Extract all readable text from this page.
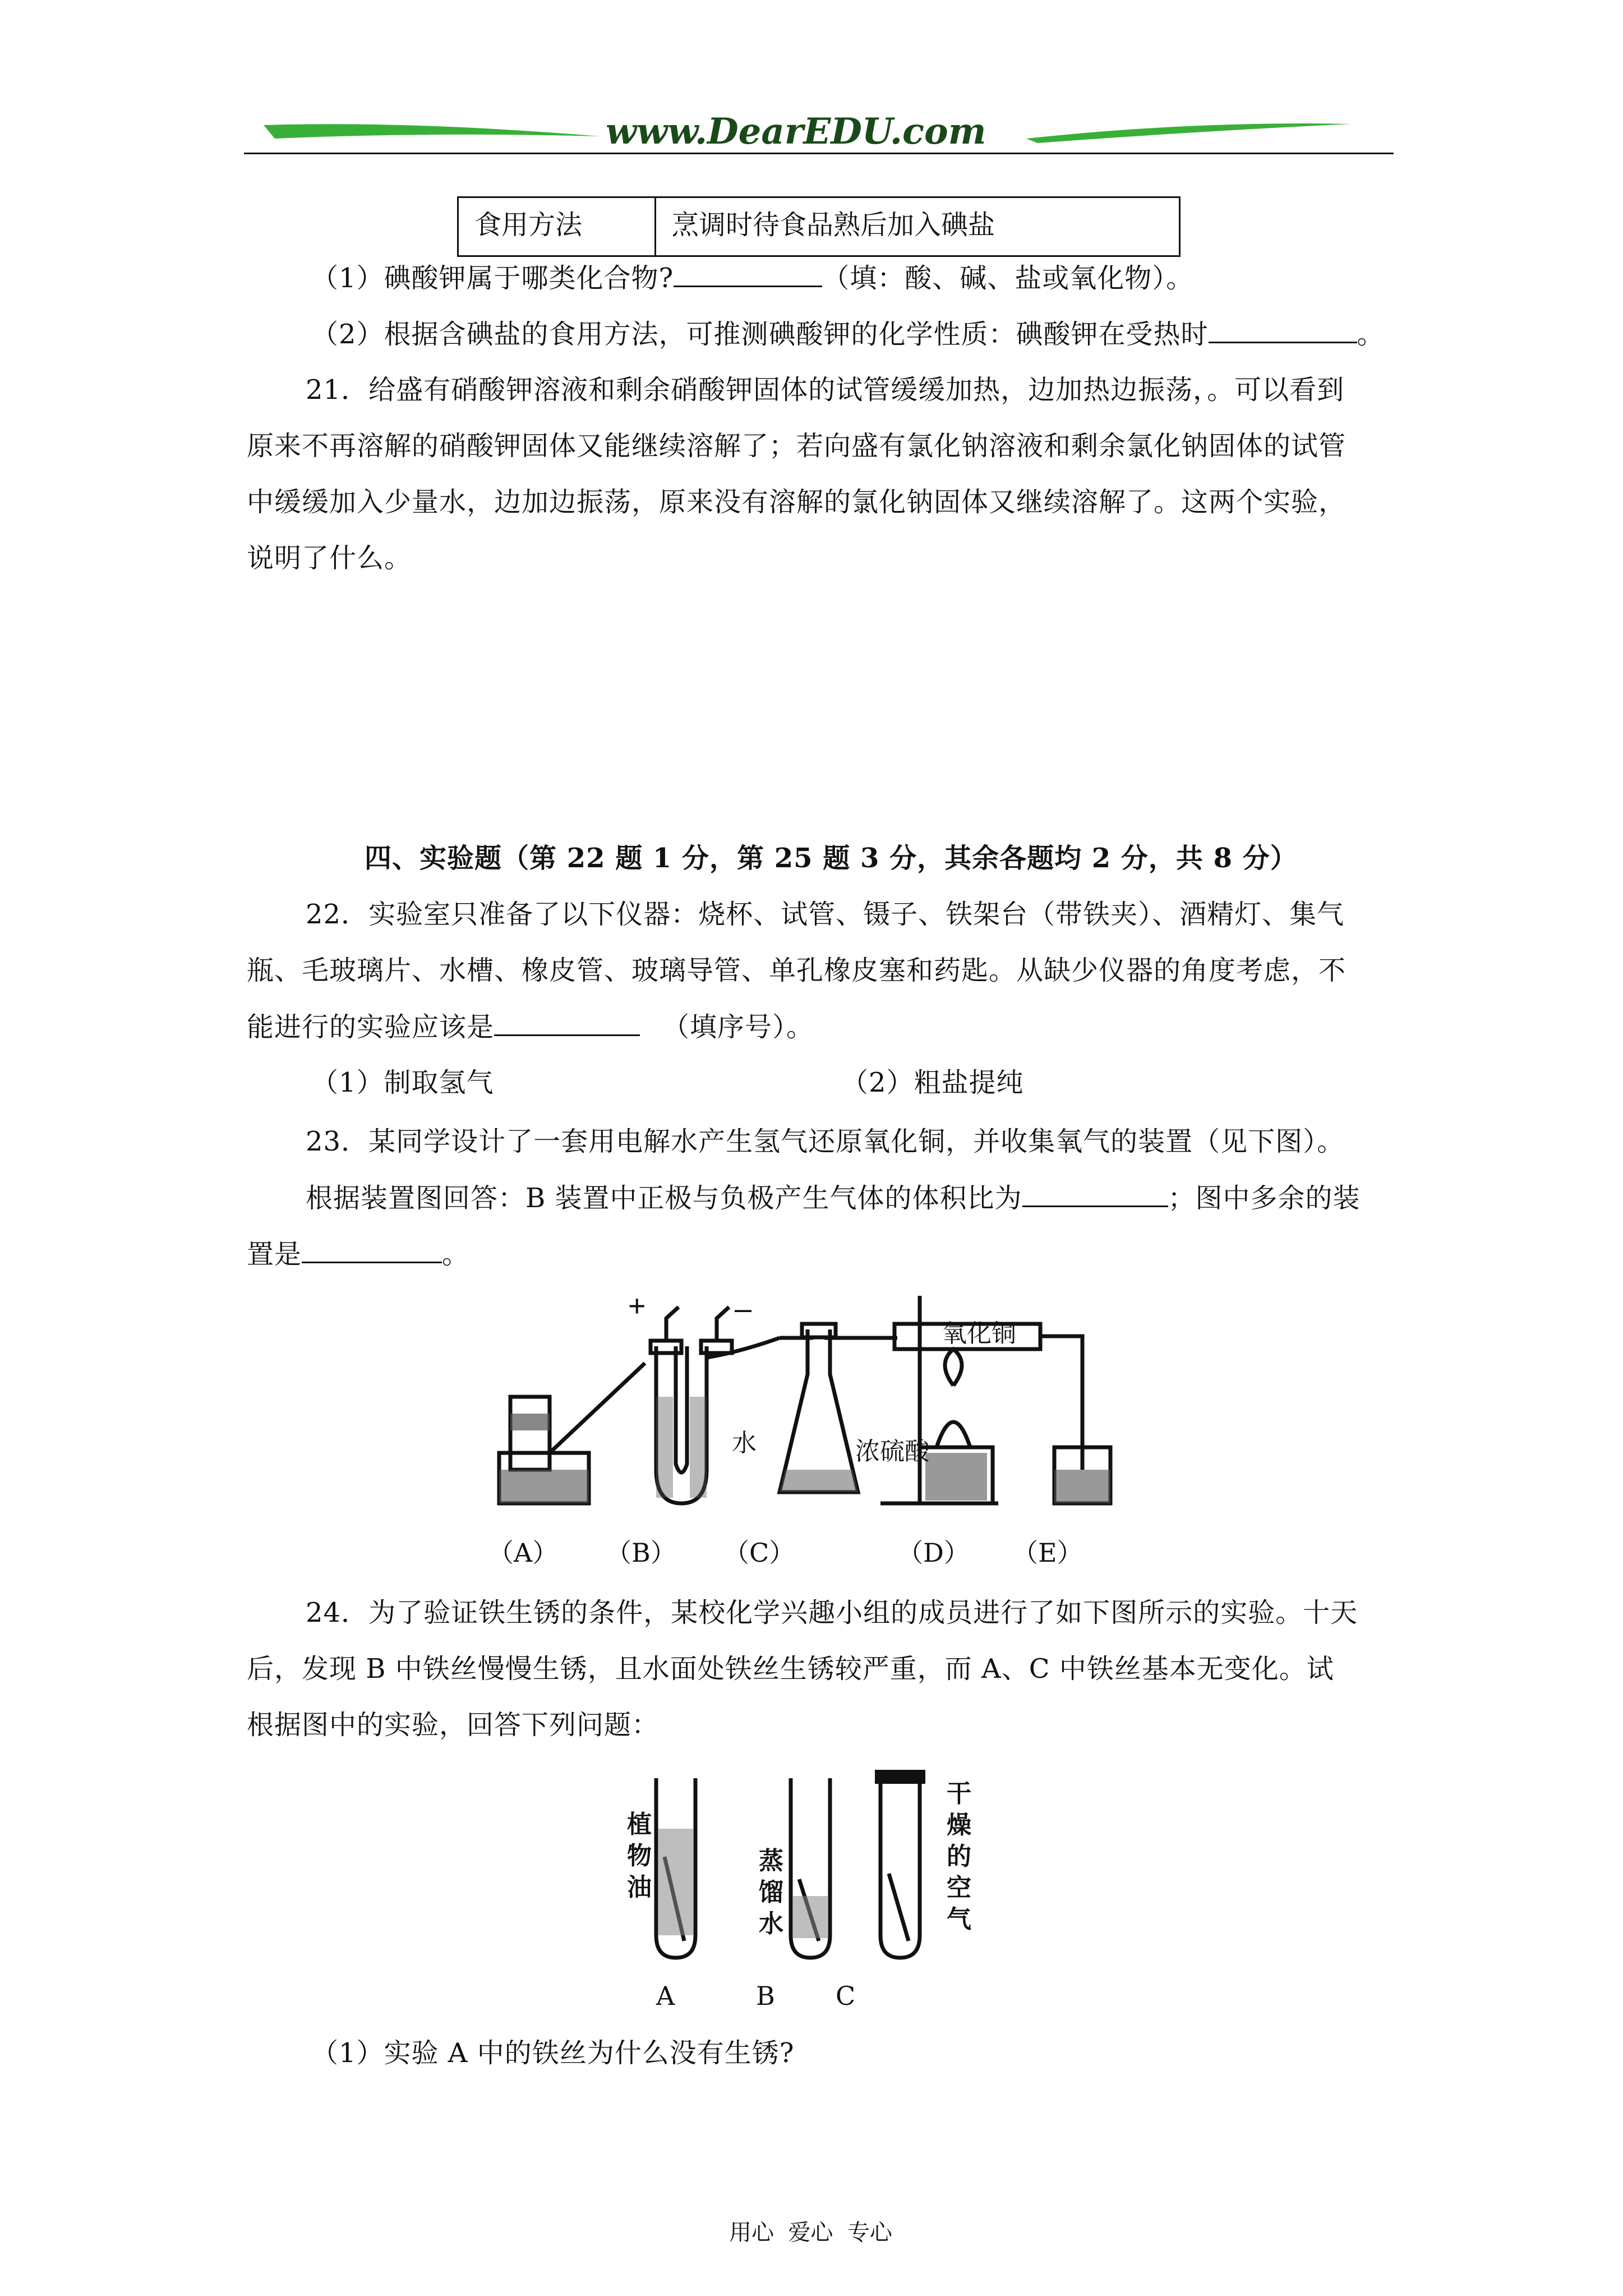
www.DearEDU.com
食用方法	烹调时待食品熟后加入碘盐
（1）碘酸钾属于哪类化合物?	（填：酸、碱、盐或氧化物）。
（2）根据含碘盐的食用方法，可推测碘酸钾的化学性质：碘酸钾在受热时	。
21．给盛有硝酸钾溶液和剩余硝酸钾固体的试管缓缓加热，边加热边振荡，。可以看到
原来不再溶解的硝酸钾固体又能继续溶解了；若向盛有氯化钠溶液和剩余氯化钠固体的试管
中缓缓加入少量水，边加边振荡，原来没有溶解的氯化钠固体又继续溶解了。这两个实验，
说明了什么。
四、实验题（第 22 题 1 分，第 25 题 3 分，其余各题均 2 分，共 8 分）
22．实验室只准备了以下仪器：烧杯、试管、镊子、铁架台（带铁夹）、酒精灯、集气
瓶、毛玻璃片、水槽、橡皮管、玻璃导管、单孔橡皮塞和药匙。从缺少仪器的角度考虑，不
能进行的实验应该是	（填序号）。
（1）制取氢气	（2）粗盐提纯
23．某同学设计了一套用电解水产生氢气还原氧化铜，并收集氧气的装置（见下图）。
根据装置图回答：B 装置中正极与负极产生气体的体积比为	；图中多余的装
置是	。
+	–
水	浓硫酸
氧化铜
（A） （B） （C）	（D） （E）
24．为了验证铁生锈的条件，某校化学兴趣小组的成员进行了如下图所示的实验。十天
后，发现 B 中铁丝慢慢生锈，且水面处铁丝生锈较严重，而 A、C 中铁丝基本无变化。试
根据图中的实验，回答下列问题：
植
物
油
蒸
馏
水
干
燥
的
空
气
A	B C
（1）实验 A 中的铁丝为什么没有生锈?
用心  爱心  专心
